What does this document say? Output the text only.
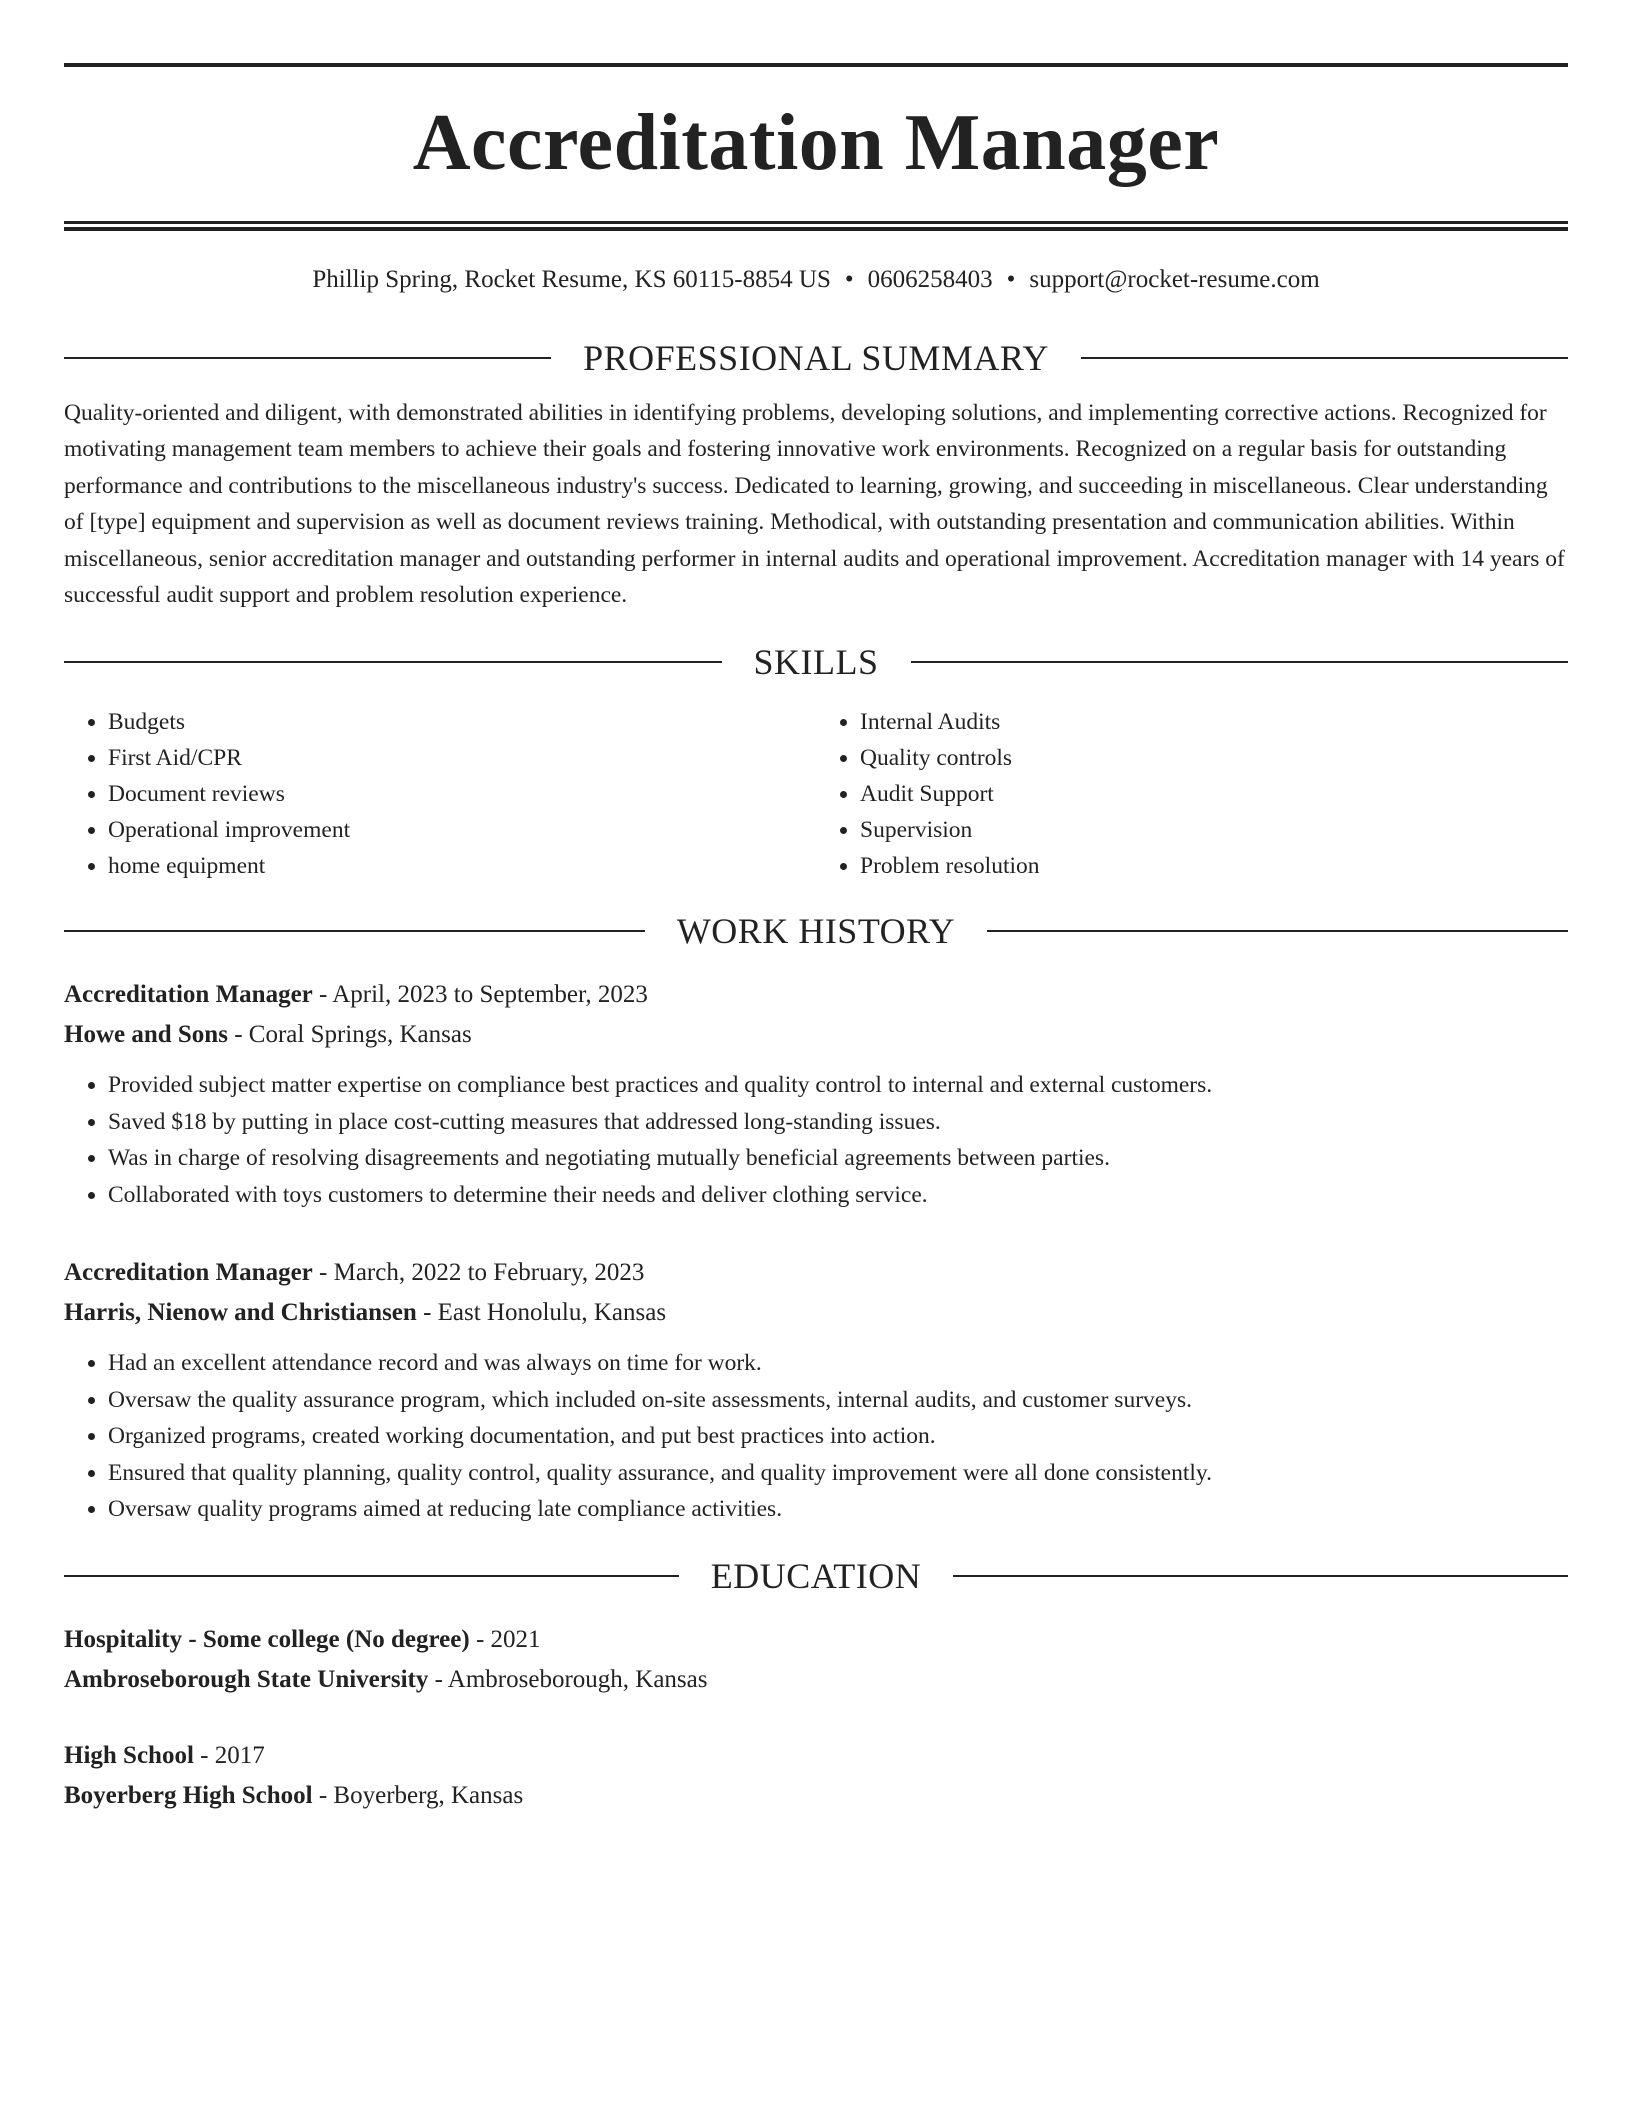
Accreditation Manager
Phillip Spring, Rocket Resume, KS 60115-8854 US • 0606258403 • support@rocket-resume.com
PROFESSIONAL SUMMARY

Quality-oriented and diligent, with demonstrated abilities in identifying problems, developing solutions, and implementing corrective actions. Recognized for motivating management team members to achieve their goals and fostering innovative work environments. Recognized on a regular basis for outstanding performance and contributions to the miscellaneous industry's success. Dedicated to learning, growing, and succeeding in miscellaneous. Clear understanding of [type] equipment and supervision as well as document reviews training. Methodical, with outstanding presentation and communication abilities. Within miscellaneous, senior accreditation manager and outstanding performer in internal audits and operational improvement. Accreditation manager with 14 years of successful audit support and problem resolution experience.

SKILLS
• Budgets
• First Aid/CPR
• Document reviews
• Operational improvement
• home equipment
• Internal Audits
• Quality controls
• Audit Support
• Supervision
• Problem resolution
WORK HISTORY
Accreditation Manager - April, 2023 to September, 2023
Howe and Sons - Coral Springs, Kansas
• Provided subject matter expertise on compliance best practices and quality control to internal and external customers.
• Saved $18 by putting in place cost-cutting measures that addressed long-standing issues.
• Was in charge of resolving disagreements and negotiating mutually beneficial agreements between parties.
• Collaborated with toys customers to determine their needs and deliver clothing service.
Accreditation Manager - March, 2022 to February, 2023
Harris, Nienow and Christiansen - East Honolulu, Kansas
• Had an excellent attendance record and was always on time for work.
• Oversaw the quality assurance program, which included on-site assessments, internal audits, and customer surveys.
• Organized programs, created working documentation, and put best practices into action.
• Ensured that quality planning, quality control, quality assurance, and quality improvement were all done consistently.
• Oversaw quality programs aimed at reducing late compliance activities.
EDUCATION
Hospitality - Some college (No degree) - 2021
Ambroseborough State University - Ambroseborough, Kansas
High School - 2017
Boyerberg High School - Boyerberg, Kansas
